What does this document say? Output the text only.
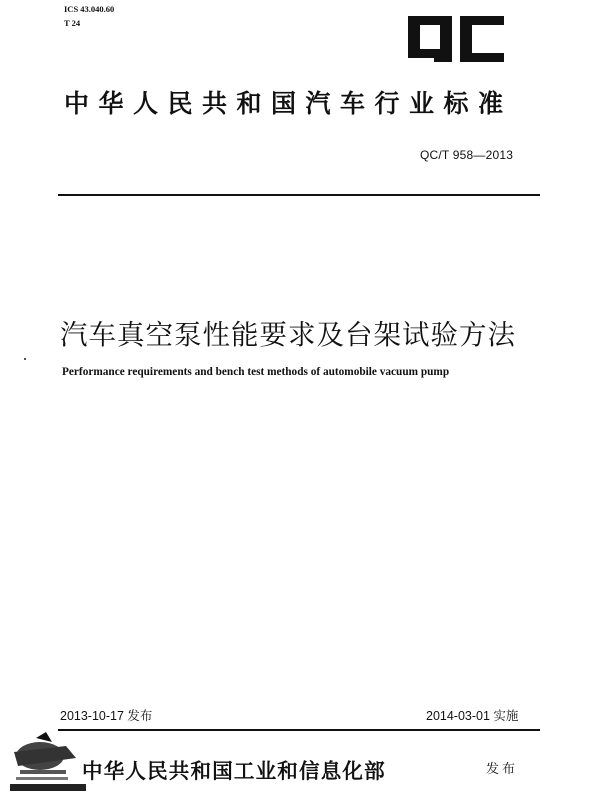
ICS 43.040.60
T 24
中华人民共和国汽车行业标准
QC/T 958—2013
汽车真空泵性能要求及台架试验方法
Performance requirements and bench test methods of automobile vacuum pump
2013-10-17 发布	2014-03-01 实施
中华人民共和国工业和信息化部	发布
